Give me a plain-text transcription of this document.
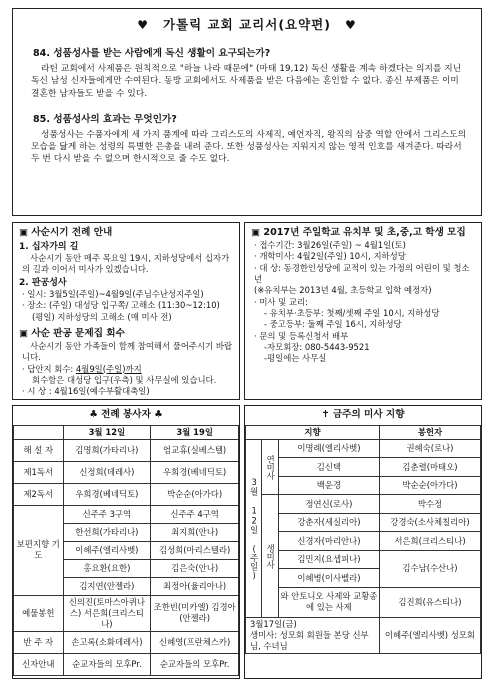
♥ 가톨릭 교회 교리서(요약편) ♥
84. 성품성사를 받는 사람에게 독신 생활이 요구되는가?
라틴 교회에서 사제품은 원칙적으로 "하늘 나라 때문에" (마태 19,12) 독신 생활을 계속 하겠다는 의지를 지닌 독신 남성 신자들에게만 수여된다. 동방 교회에서도 사제품을 받은 다음에는 혼인할 수 없다. 종신 부제품은 이미 결혼한 남자들도 받을 수 있다.
85. 성품성사의 효과는 무엇인가?
성품성사는 수품자에게 세 가지 품계에 따라 그리스도의 사제직, 예언자직, 왕직의 삼중 역할 안에서 그리스도의 모습을 닮게 하는 성령의 특별한 은총을 내려 준다. 또한 성품성사는 지워지지 않는 영적 인호를 새겨준다. 따라서 두 번 다시 받을 수 없으며 한시적으로 줄 수도 없다.
▣ 사순시기 전례 안내
1. 십자가의 길
사순시기 동안 매주 목요일 19시, 지하성당에서 십자가의 길과 이어서 미사가 있겠습니다.
2. 판공성사
· 일시: 3월5일(주일)~4월9일(주님수난성지주일)
· 장소: (주일) 대성당 입구쪽/ 고해소 (11:30~12:10)
(평일) 지하성당의 고해소 (매 미사 전)
▣ 사순 판공 문제집 회수
사순시기 동안 가족들이 함께 참여해서 풀어주시기 바랍니다.
· 답안지 회수: 4월9일(주일)까지
회수함은 대성당 입구(우측) 및 사무실에 있습니다.
· 시 상 : 4월16일(예수부활대축일)
▣ 2017년 주일학교 유치부 및 초,중,고 학생 모집
· 접수기간: 3월26일(주일) ~ 4월1일(토)
· 개학미사: 4월2일(주일) 10시, 지하성당
· 대 상: 동경한인성당에 교적이 있는 가정의 어린이 및 청소년
(※유치부는 2013년 4월, 초등학교 입학 예정자)
· 미사 및 교리:
- 유치부·초등부: 첫째/셋째 주일 10시, 지하성당
- 중고등부: 둘째 주일 16시, 지하성당
· 문의 및 등록신청서 배부
-자모회장: 080-5443-9521
-평일에는 사무실
♣ 전례 봉사자 ♣
	3월 12일	3월 19일
해 설 자	김명희(가타리나)	엄교휴(실베스텔)
제1독서	신정희(데레사)	우희경(베네딕토)
제2독서	우희경(베네딕토)	박순순(아가다)
보편지향 기 도	신주주 3구역	신주주 4구역
	한선희(가타리나)	최지희(안나)
	이혜주(엘리사벳)	김성희(마리스텔라)
	홍요환(요한)	김은숙(안나)
	김지연(안젤라)	최정아(율리아나)
예물봉헌	신의진(토마스아퀴나스) 서은희(크리스티나)	조한빈(미카엘) 김경아(안젤라)
반 주 자	손고록(소화데레사)	신혜영(프란체스카)
신자안내	순교자들의 모후Pr.	순교자들의 모후Pr.
✝ 금주의 미사 지향
지향			봉헌자
3월 12일 (주일)	연미사	이명례(엘리사벳)	권혜숙(로나)
		김신택	김춘렬(마태오)
		백운경	박순순(아가다)
	생미사	정연신(로사)	박수정
		강춘자(세실리아)	강경숙(소사체칠리아)
		신경자(마리안나)	서은희(크리스티나)
		김민지(요셉피나)	김수남(수산나)
		이혜병(이사벨라)	
		와 안토니오 사제와 교황종에 있는 사제	김진희(유스티나)

3월17일(금)
생미사: 성모회 회원들 본당 신부님, 수녀님			이혜주(엘리사벳) 성모회
